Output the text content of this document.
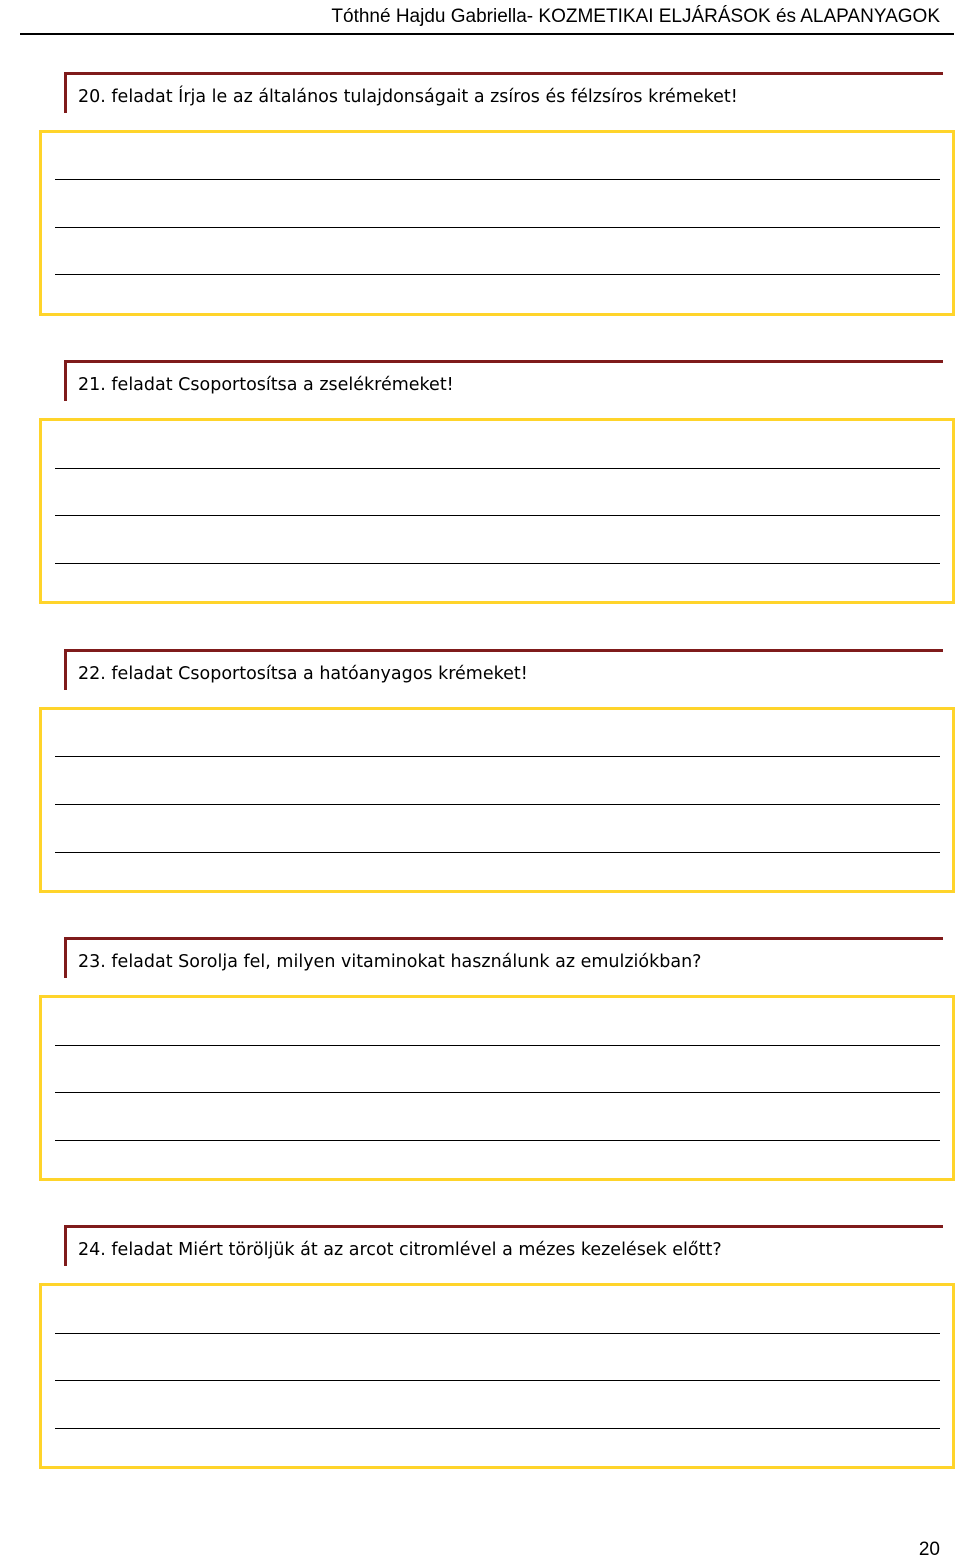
Tóthné Hajdu Gabriella- KOZMETIKAI ELJÁRÁSOK és ALAPANYAGOK
20. feladat Írja le az általános tulajdonságait a zsíros és félzsíros krémeket!
21. feladat Csoportosítsa a zselékrémeket!
22. feladat Csoportosítsa a hatóanyagos krémeket!
23. feladat Sorolja fel, milyen vitaminokat használunk az emulziókban?
24. feladat Miért töröljük át az arcot citromlével a mézes kezelések előtt?
20
